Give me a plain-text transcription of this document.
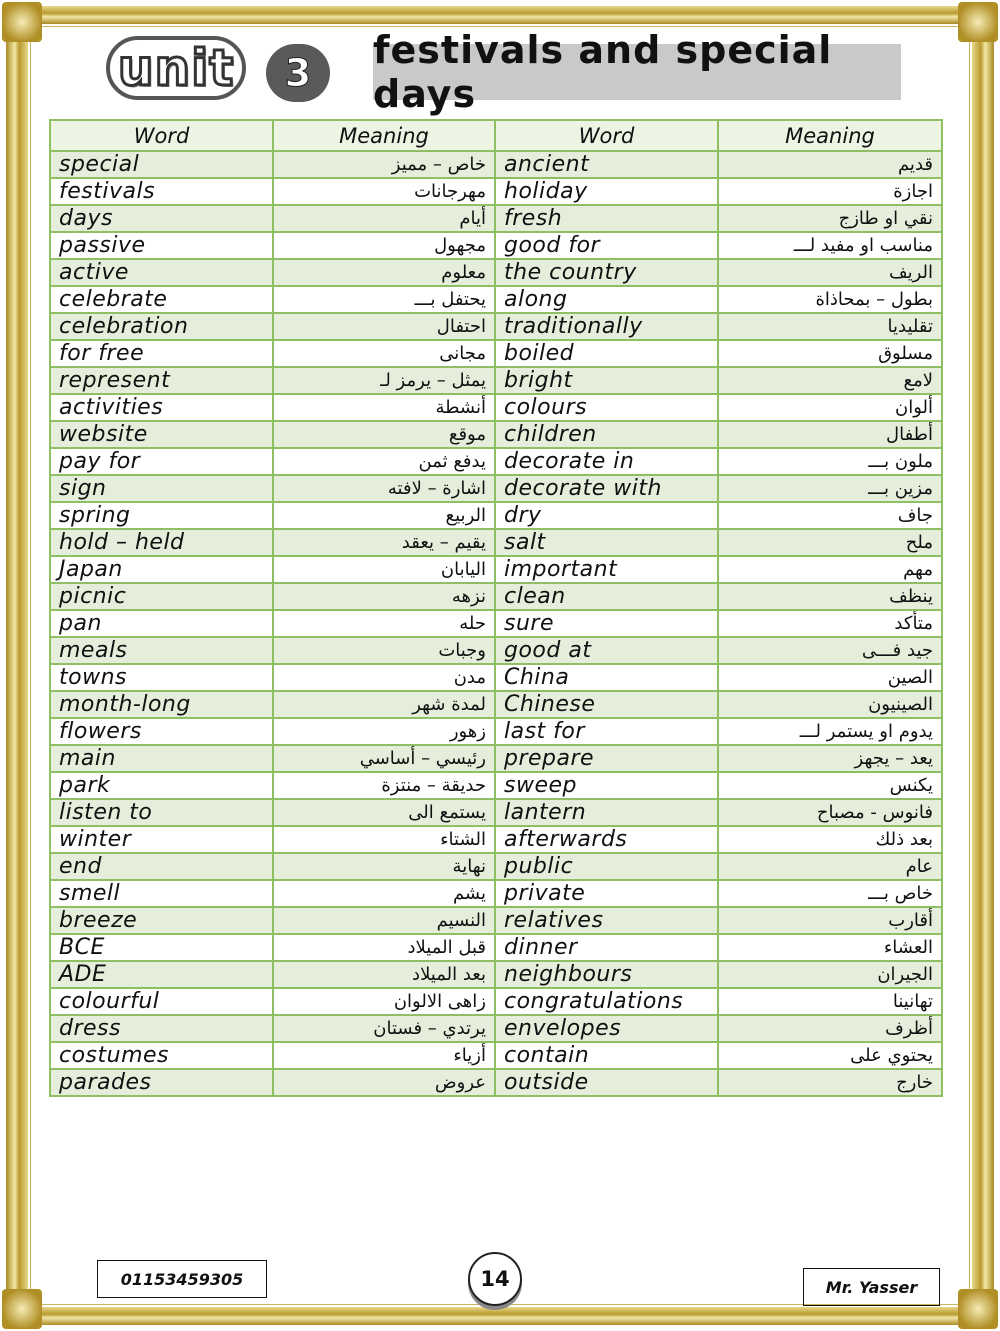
unit 3
festivals and special days
Word	Meaning	Word	Meaning
special	خاص – مميز	ancient	قديم
festivals	مهرجانات	holiday	اجازة
days	أيام	fresh	نقي او طازج
passive	مجهول	good for	مناسب او مفيد لـــ
active	معلوم	the country	الريف
celebrate	يحتفل بـــ	along	بطول – بمحاذاة
celebration	احتفال	traditionally	تقليديا
for free	مجانى	boiled	مسلوق
represent	يمثل – يرمز لـ	bright	لامع
activities	أنشطة	colours	ألوان
website	موقع	children	أطفال
pay for	يدفع ثمن	decorate in	ملون بـــ
sign	اشارة – لافته	decorate with	مزين بـــ
spring	الربيع	dry	جاف
hold – held	يقيم – يعقد	salt	ملح
Japan	اليابان	important	مهم
picnic	نزهه	clean	ينظف
pan	حله	sure	متأكد
meals	وجبات	good at	جيد فـــى
towns	مدن	China	الصين
month-long	لمدة شهر	Chinese	الصينيون
flowers	زهور	last for	يدوم او يستمر لـــ
main	رئيسي – أساسي	prepare	يعد – يجهز
park	حديقة – منتزة	sweep	يكنس
listen to	يستمع الى	lantern	فانوس - مصباح
winter	الشتاء	afterwards	بعد ذلك
end	نهاية	public	عام
smell	يشم	private	خاص بـــ
breeze	النسيم	relatives	أقارب
BCE	قبل الميلاد	dinner	العشاء
ADE	بعد الميلاد	neighbours	الجيران
colourful	زاهى الالوان	congratulations	تهانينا
dress	يرتدي – فستان	envelopes	أظرف
costumes	أزياء	contain	يحتوي على
parades	عروض	outside	خارج
01153459305	14	Mr. Yasser
